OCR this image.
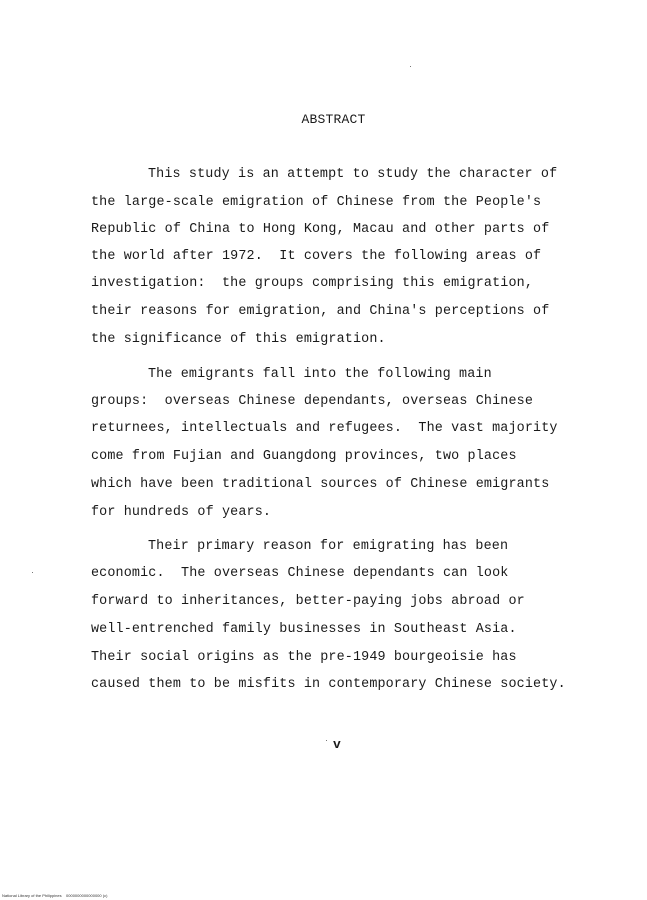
ABSTRACT
This study is an attempt to study the character of
the large-scale emigration of Chinese from the People's
Republic of China to Hong Kong, Macau and other parts of
the world after 1972.  It covers the following areas of
investigation:  the groups comprising this emigration,
their reasons for emigration, and China's perceptions of
the significance of this emigration.
The emigrants fall into the following main
groups:  overseas Chinese dependants, overseas Chinese
returnees, intellectuals and refugees.  The vast majority
come from Fujian and Guangdong provinces, two places
which have been traditional sources of Chinese emigrants
for hundreds of years.
Their primary reason for emigrating has been
economic.  The overseas Chinese dependants can look
forward to inheritances, better-paying jobs abroad or
well-entrenched family businesses in Southeast Asia.
Their social origins as the pre-1949 bourgeoisie has
caused them to be misfits in contemporary Chinese society.
v
National Library of the Philippines    0000000000000000 (c)
